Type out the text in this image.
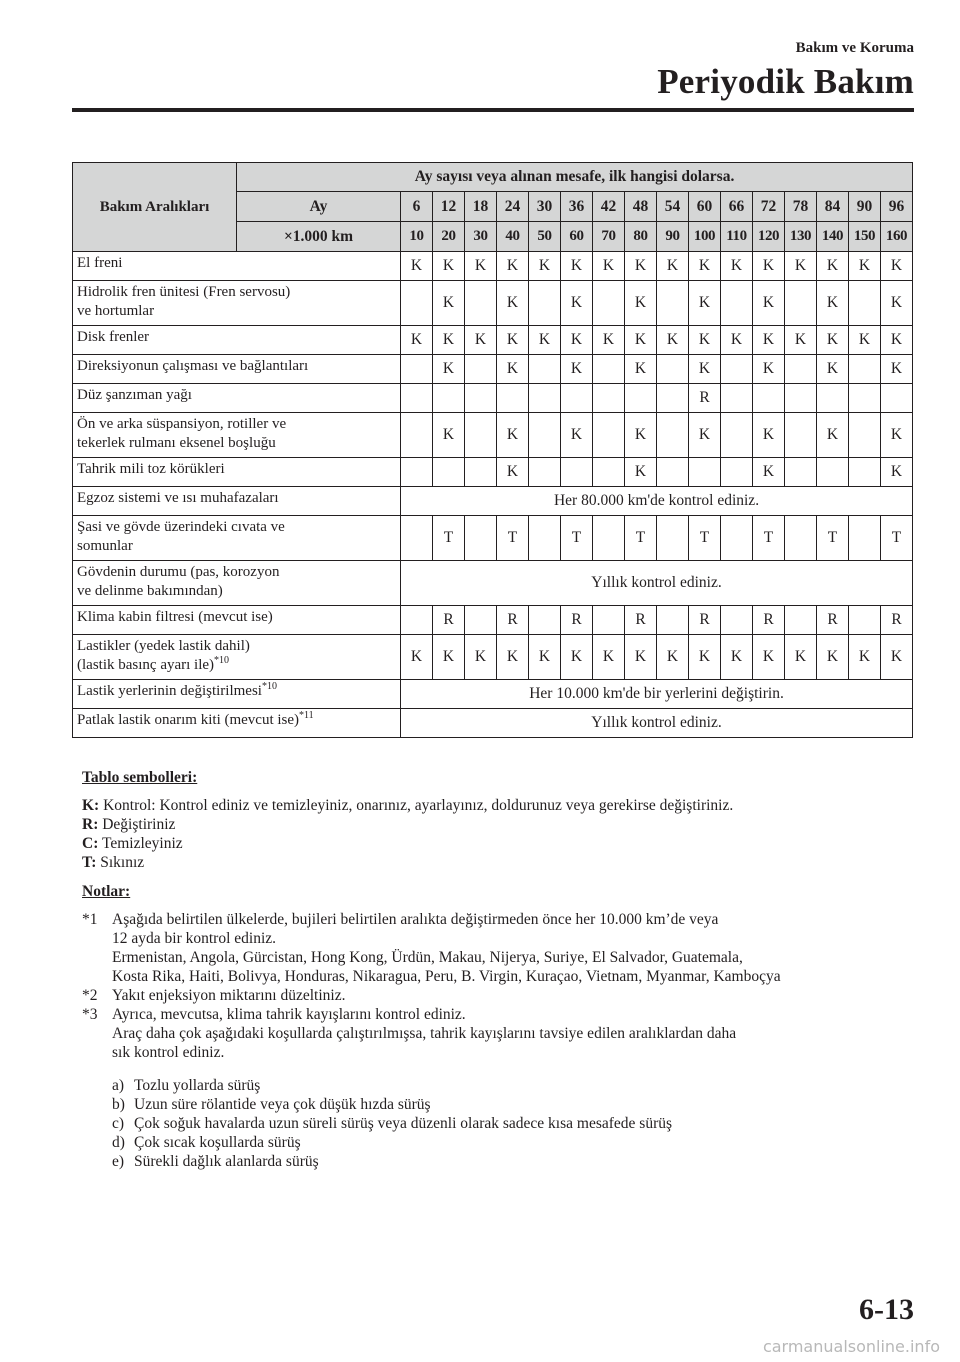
Bakım ve Koruma
Periyodik Bakım
Bakım Aralıkları	Ay sayısı veya alınan mesafe, ilk hangisi dolarsa.																
	Ay	6	12	18	24	30	36	42	48	54	60	66	72	78	84	90	96
	×1.000 km	10	20	30	40	50	60	70	80	90	100	110	120	130	140	150	160
El freni		K	K	K	K	K	K	K	K	K	K	K	K	K	K	K	K
Hidrolik fren ünitesi (Fren servosu)
ve hortumlar			K		K		K		K		K		K		K		K
Disk frenler		K	K	K	K	K	K	K	K	K	K	K	K	K	K	K	K
Direksiyonun çalışması ve bağlantıları			K		K		K		K		K		K		K		K
Düz şanzıman yağı											R						
Ön ve arka süspansiyon, rotiller ve
tekerlek rulmanı eksenel boşluğu			K		K		K		K		K		K		K		K
Tahrik mili toz körükleri					K				K				K				K
Egzoz sistemi ve ısı muhafazaları		Her 80.000 km'de kontrol ediniz.															
Şasi ve gövde üzerindeki cıvata ve
somunlar			T		T		T		T		T		T		T		T
Gövdenin durumu (pas, korozyon
ve delinme bakımından)		Yıllık kontrol ediniz.															
Klima kabin filtresi (mevcut ise)			R		R		R		R		R		R		R		R
Lastikler (yedek lastik dahil)
(lastik basınç ayarı ile)$^{*10}$		K	K	K	K	K	K	K	K	K	K	K	K	K	K	K	K
Lastik yerlerinin değiştirilmesi$^{*10}$		Her 10.000 km'de bir yerlerini değiştirin.															
Patlak lastik onarım kiti (mevcut ise)$^{*11}$		Yıllık kontrol ediniz.															
Tablo sembolleri:
K: Kontrol: Kontrol ediniz ve temizleyiniz, onarınız, ayarlayınız, doldurunuz veya gerekirse değiştiriniz.
R: Değiştiriniz
C: Temizleyiniz
T: Sıkınız
Notlar:
*1 Aşağıda belirtilen ülkelerde, bujileri belirtilen aralıkta değiştirmeden önce her 10.000 km’de veya
12 ayda bir kontrol ediniz.
Ermenistan, Angola, Gürcistan, Hong Kong, Ürdün, Makau, Nijerya, Suriye, El Salvador, Guatemala,
Kosta Rika, Haiti, Bolivya, Honduras, Nikaragua, Peru, B. Virgin, Kuraçao, Vietnam, Myanmar, Kamboçya
*2 Yakıt enjeksiyon miktarını düzeltiniz.
*3 Ayrıca, mevcutsa, klima tahrik kayışlarını kontrol ediniz.
Araç daha çok aşağıdaki koşullarda çalıştırılmışsa, tahrik kayışlarını tavsiye edilen aralıklardan daha
sık kontrol ediniz.
a) Tozlu yollarda sürüş
b) Uzun süre rölantide veya çok düşük hızda sürüş
c) Çok soğuk havalarda uzun süreli sürüş veya düzenli olarak sadece kısa mesafede sürüş
d) Çok sıcak koşullarda sürüş
e) Sürekli dağlık alanlarda sürüş
6-13
carmanualsonline.info
